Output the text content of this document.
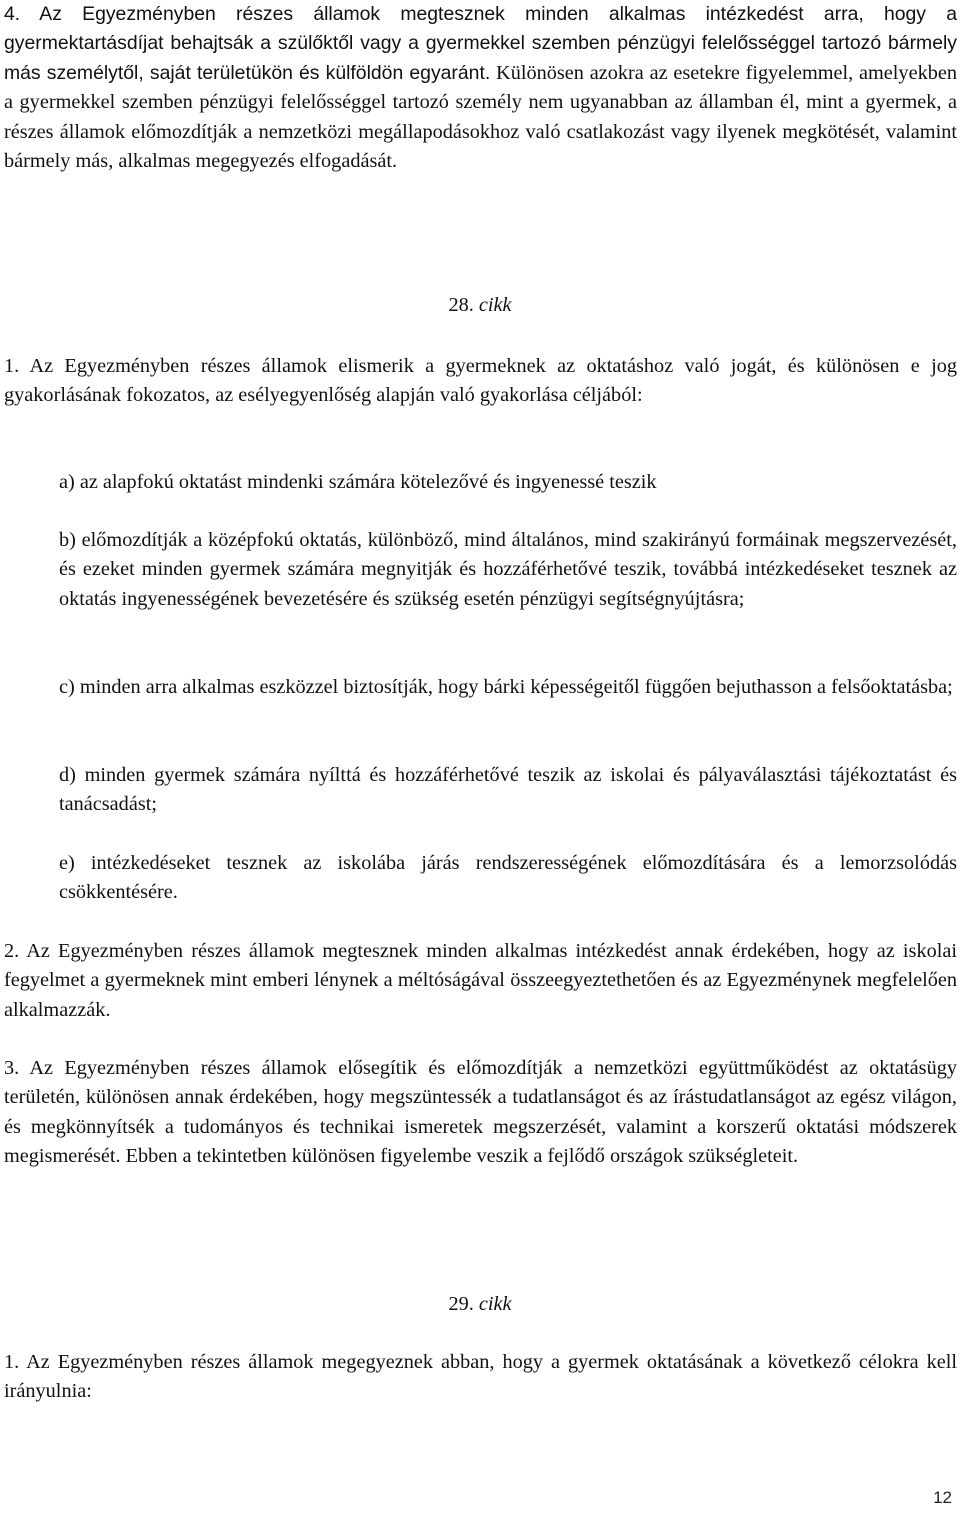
4. Az Egyezményben részes államok megtesznek minden alkalmas intézkedést arra, hogy a gyermektartásdíjat behajtsák a szülőktől vagy a gyermekkel szemben pénzügyi felelősséggel tartozó bármely más személytől, saját területükön és külföldön egyaránt. Különösen azokra az esetekre figyelemmel, amelyekben a gyermekkel szemben pénzügyi felelősséggel tartozó személy nem ugyanabban az államban él, mint a gyermek, a részes államok előmozdítják a nemzetközi megállapodásokhoz való csatlakozást vagy ilyenek megkötését, valamint bármely más, alkalmas megegyezés elfogadását.

28. cikk

1. Az Egyezményben részes államok elismerik a gyermeknek az oktatáshoz való jogát, és különösen e jog gyakorlásának fokozatos, az esélyegyenlőség alapján való gyakorlása céljából:

a) az alapfokú oktatást mindenki számára kötelezővé és ingyenessé teszik

b) előmozdítják a középfokú oktatás, különböző, mind általános, mind szakirányú formáinak megszervezését, és ezeket minden gyermek számára megnyitják és hozzáférhetővé teszik, továbbá intézkedéseket tesznek az oktatás ingyenességének bevezetésére és szükség esetén pénzügyi segítségnyújtásra;

c) minden arra alkalmas eszközzel biztosítják, hogy bárki képességeitől függően bejuthasson a felsőoktatásba;

d) minden gyermek számára nyílttá és hozzáférhetővé teszik az iskolai és pályaválasztási tájékoztatást és tanácsadást;

e) intézkedéseket tesznek az iskolába járás rendszerességének előmozdítására és a lemorzsolódás csökkentésére.

2. Az Egyezményben részes államok megtesznek minden alkalmas intézkedést annak érdekében, hogy az iskolai fegyelmet a gyermeknek mint emberi lénynek a méltóságával összeegyeztethetően és az Egyezménynek megfelelően alkalmazzák.

3. Az Egyezményben részes államok elősegítik és előmozdítják a nemzetközi együttműködést az oktatásügy területén, különösen annak érdekében, hogy megszüntessék a tudatlanságot és az írástudatlanságot az egész világon, és megkönnyítsék a tudományos és technikai ismeretek megszerzését, valamint a korszerű oktatási módszerek megismerését. Ebben a tekintetben különösen figyelembe veszik a fejlődő országok szükségleteit.

29. cikk

1. Az Egyezményben részes államok megegyeznek abban, hogy a gyermek oktatásának a következő célokra kell irányulnia:

12
